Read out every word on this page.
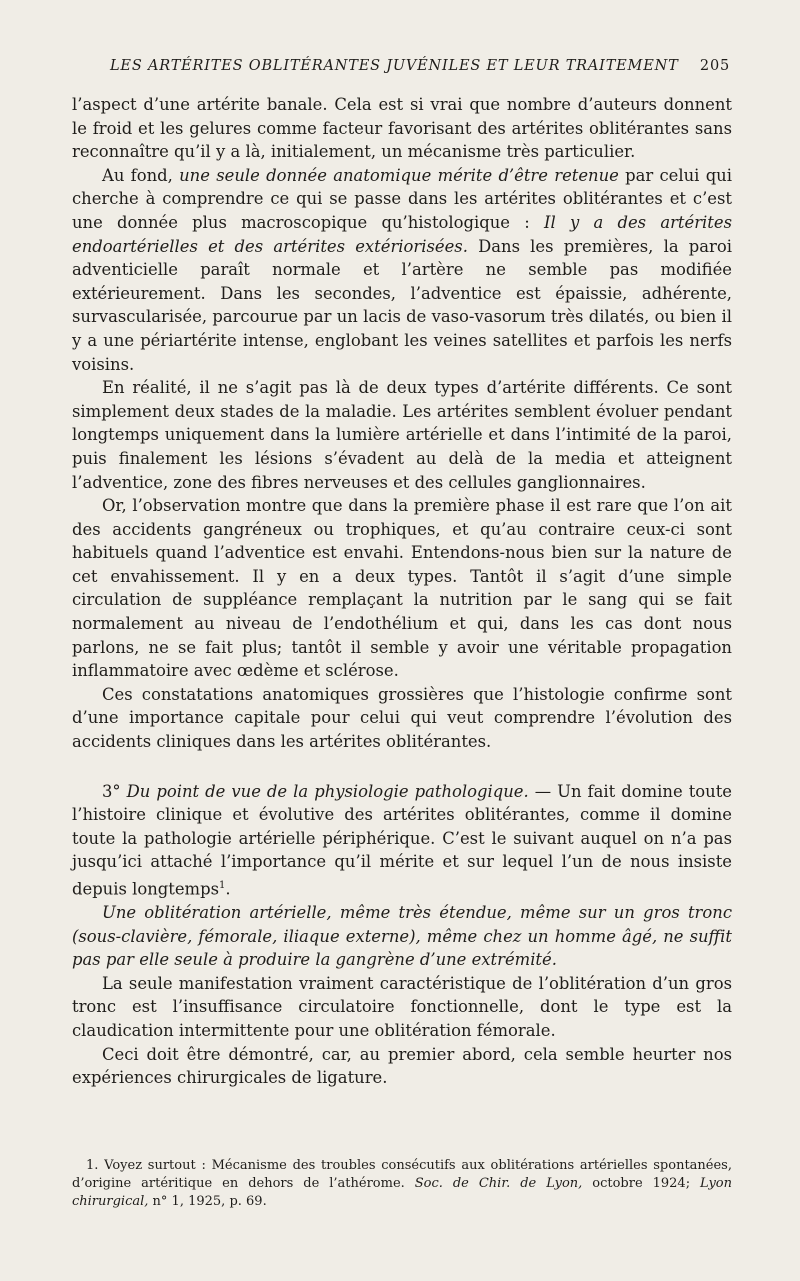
LES ARTÉRITES OBLITÉRANTES JUVÉNILES ET LEUR TRAITEMENT 205

l’aspect d’une artérite banale. Cela est si vrai que nombre d’auteurs donnent le froid et les gelures comme facteur favorisant des artérites oblitérantes sans reconnaître qu’il y a là, initialement, un mécanisme très particulier.

Au fond, une seule donnée anatomique mérite d’être retenue par celui qui cherche à comprendre ce qui se passe dans les artérites oblitérantes et c’est une donnée plus macroscopique qu’histologique : Il y a des artérites endoartérielles et des artérites extériorisées. Dans les premières, la paroi adventicielle paraît normale et l’artère ne semble pas modifiée extérieurement. Dans les secondes, l’adventice est épaissie, adhérente, survascularisée, parcourue par un lacis de vaso-vasorum très dilatés, ou bien il y a une périartérite intense, englobant les veines satellites et parfois les nerfs voisins.

En réalité, il ne s’agit pas là de deux types d’artérite différents. Ce sont simplement deux stades de la maladie. Les artérites semblent évoluer pendant longtemps uniquement dans la lumière artérielle et dans l’intimité de la paroi, puis finalement les lésions s’évadent au delà de la media et atteignent l’adventice, zone des fibres nerveuses et des cellules ganglionnaires.

Or, l’observation montre que dans la première phase il est rare que l’on ait des accidents gangréneux ou trophiques, et qu’au contraire ceux-ci sont habituels quand l’adventice est envahi. Entendons-nous bien sur la nature de cet envahissement. Il y en a deux types. Tantôt il s’agit d’une simple circulation de suppléance remplaçant la nutrition par le sang qui se fait normalement au niveau de l’endothélium et qui, dans les cas dont nous parlons, ne se fait plus; tantôt il semble y avoir une véritable propagation inflammatoire avec œdème et sclérose.

Ces constatations anatomiques grossières que l’histologie confirme sont d’une importance capitale pour celui qui veut comprendre l’évolution des accidents cliniques dans les artérites oblitérantes.

3° Du point de vue de la physiologie pathologique. — Un fait domine toute l’histoire clinique et évolutive des artérites oblitérantes, comme il domine toute la pathologie artérielle périphérique. C’est le suivant auquel on n’a pas jusqu’ici attaché l’importance qu’il mérite et sur lequel l’un de nous insiste depuis longtemps$^1$.

Une oblitération artérielle, même très étendue, même sur un gros tronc (sous-clavière, fémorale, iliaque externe), même chez un homme âgé, ne suffit pas par elle seule à produire la gangrène d’une extrémité.

La seule manifestation vraiment caractéristique de l’oblitération d’un gros tronc est l’insuffisance circulatoire fonctionnelle, dont le type est la claudication intermittente pour une oblitération fémorale.

Ceci doit être démontré, car, au premier abord, cela semble heurter nos expériences chirurgicales de ligature.

1. Voyez surtout : Mécanisme des troubles consécutifs aux oblitérations artérielles spontanées, d’origine artéritique en dehors de l’athérome. Soc. de Chir. de Lyon, octobre 1924; Lyon chirurgical, n° 1, 1925, p. 69.
